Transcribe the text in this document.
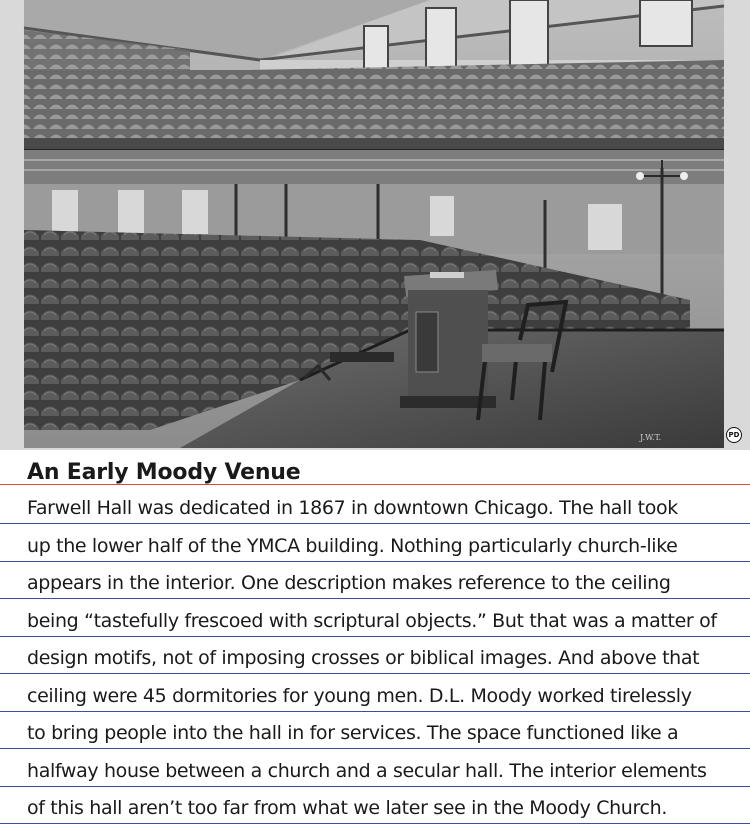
J.W.T.	PD
An Early Moody Venue
Farwell Hall was dedicated in 1867 in downtown Chicago. The hall took
up the lower half of the YMCA building. Nothing particularly church-like
appears in the interior. One description makes reference to the ceiling
being “tastefully frescoed with scriptural objects.” But that was a matter of
design motifs, not of imposing crosses or biblical images. And above that
ceiling were 45 dormitories for young men. D.L. Moody worked tirelessly
to bring people into the hall in for services. The space functioned like a
halfway house between a church and a secular hall. The interior elements
of this hall aren’t too far from what we later see in the Moody Church.
